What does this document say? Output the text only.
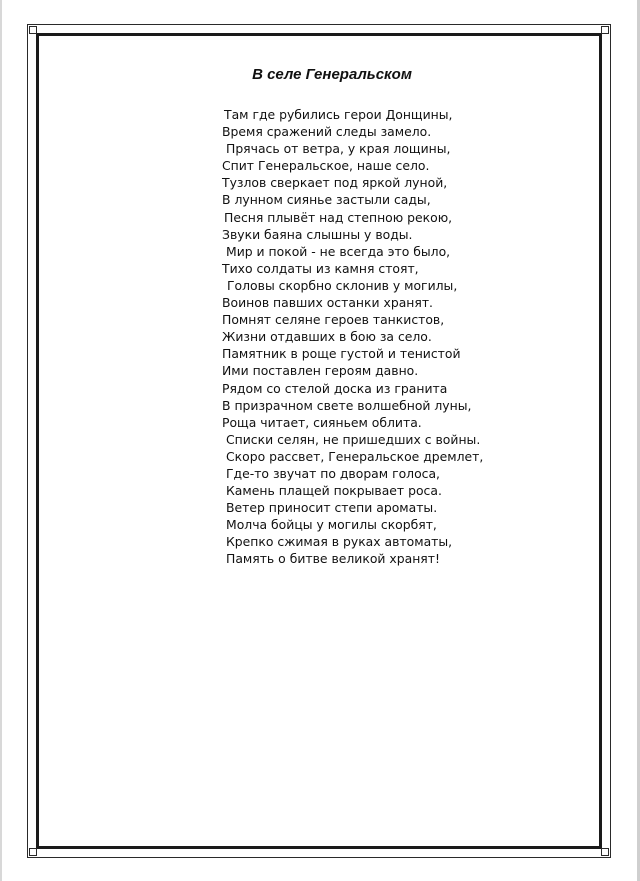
В селе Генеральском
Там где рубились герои Донщины,
Время сражений следы замело.
Прячась от ветра, у края лощины,
Спит Генеральское, наше село.
Тузлов сверкает под яркой луной,
В лунном сиянье застыли сады,
Песня плывёт над степною рекою,
Звуки баяна слышны у воды.
Мир и покой - не всегда это было,
Тихо солдаты из камня стоят,
Головы скорбно склонив у могилы,
Воинов павших останки хранят.
Помнят селяне героев танкистов,
Жизни отдавших в бою за село.
Памятник в роще густой и тенистой
Ими поставлен героям давно.
Рядом со стелой доска из гранита
В призрачном свете волшебной луны,
Роща читает, сияньем облита.
Списки селян, не пришедших с войны.
Скоро рассвет, Генеральское дремлет,
Где-то звучат по дворам голоса,
Камень плащей покрывает роса.
Ветер приносит степи ароматы.
Молча бойцы у могилы скорбят,
Крепко сжимая в руках автоматы,
Память о битве великой хранят!
